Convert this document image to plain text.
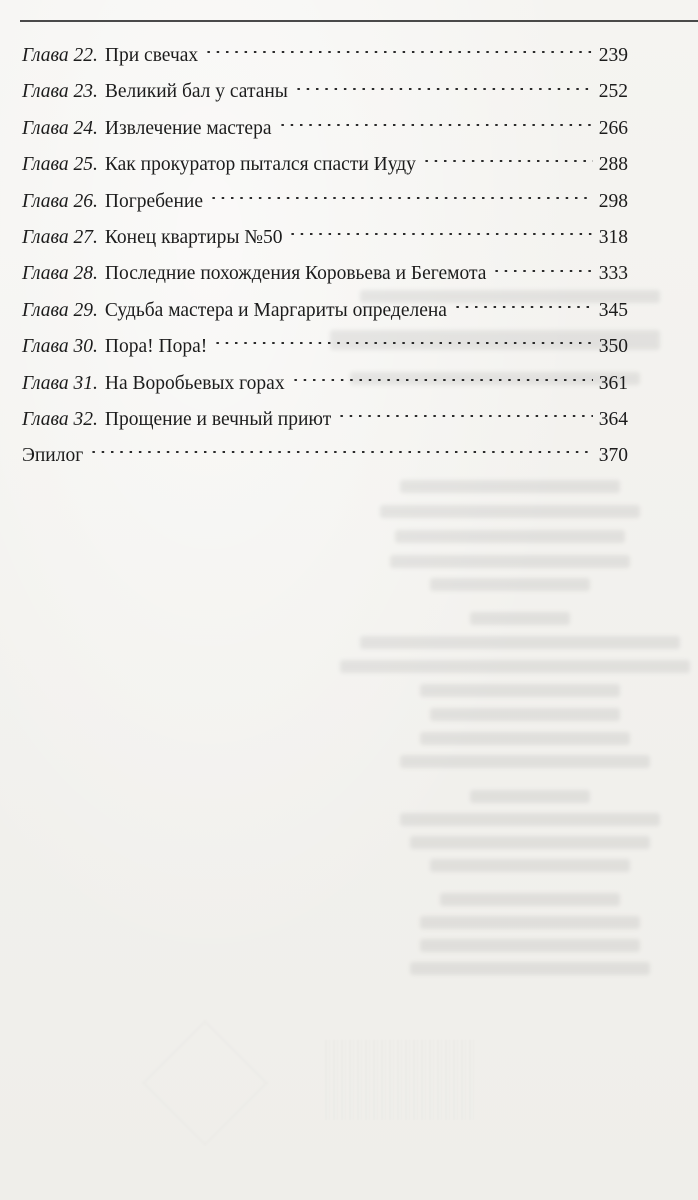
Глава 22. При свечах	239
Глава 23. Великий бал у сатаны	252
Глава 24. Извлечение мастера	266
Глава 25. Как прокуратор пытался спасти Иуду	288
Глава 26. Погребение	298
Глава 27. Конец квартиры №50	318
Глава 28. Последние похождения Коровьева и Бегемота	333
Глава 29. Судьба мастера и Маргариты определена	345
Глава 30. Пора! Пора!	350
Глава 31. На Воробьевых горах	361
Глава 32. Прощение и вечный приют	364
Эпилог	370
